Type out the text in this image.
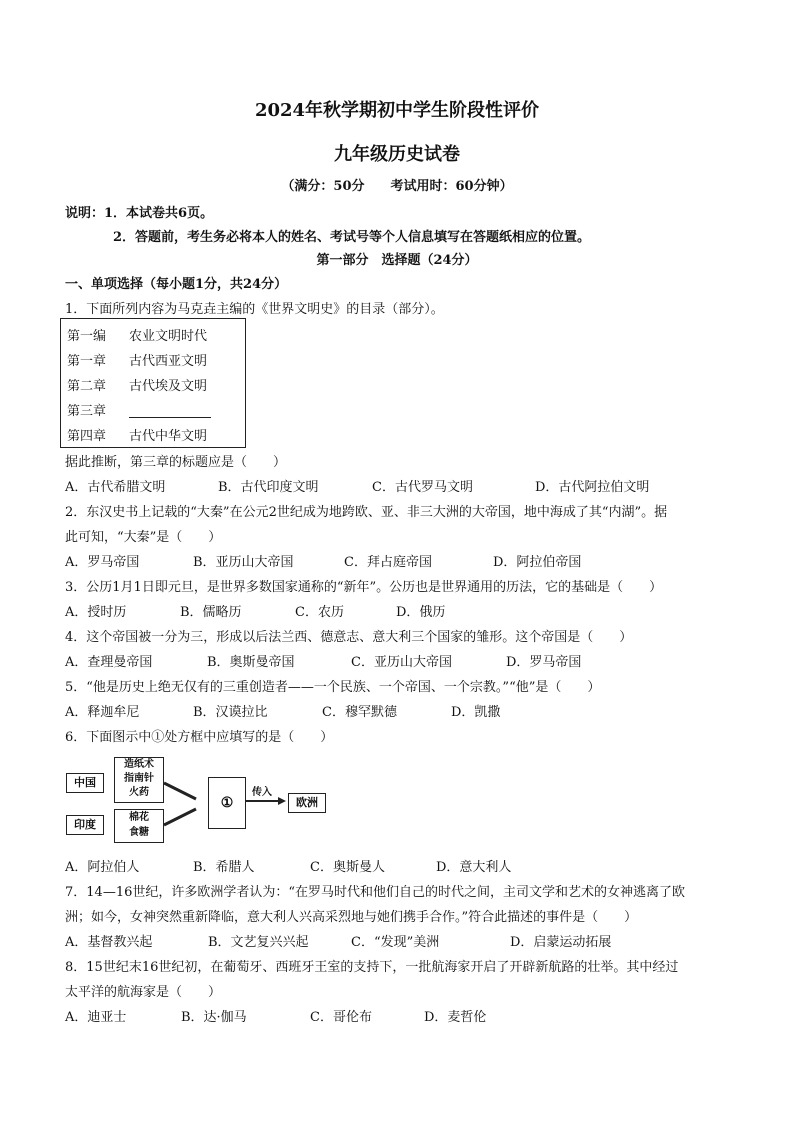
2024年秋学期初中学生阶段性评价
九年级历史试卷
（满分：50分　　考试用时：60分钟）
说明：1．本试卷共6页。
2．答题前，考生务必将本人的姓名、考试号等个人信息填写在答题纸相应的位置。
第一部分　选择题（24分）
一、单项选择（每小题1分，共24分）
1．下面所列内容为马克垚主编的《世界文明史》的目录（部分）。
第一编 农业文明时代
第一章 古代西亚文明
第二章 古代埃及文明
第三章
第四章 古代中华文明
据此推断，第三章的标题应是（　　）
A．古代希腊文明	B．古代印度文明	C．古代罗马文明	D．古代阿拉伯文明
2．东汉史书上记载的“大秦”在公元2世纪成为地跨欧、亚、非三大洲的大帝国，地中海成了其“内湖”。据
此可知，“大秦”是（　　）
A．罗马帝国	B．亚历山大帝国	C．拜占庭帝国	D．阿拉伯帝国
3．公历1月1日即元旦，是世界多数国家通称的“新年”。公历也是世界通用的历法，它的基础是（　　）
A．授时历	B．儒略历	C．农历	D．俄历
4．这个帝国被一分为三，形成以后法兰西、德意志、意大利三个国家的雏形。这个帝国是（　　）
A．查理曼帝国	B．奥斯曼帝国	C．亚历山大帝国	D．罗马帝国
5．“他是历史上绝无仅有的三重创造者——一个民族、一个帝国、一个宗教。”“他”是（　　）
A．释迦牟尼	B．汉谟拉比	C．穆罕默德	D．凯撒
6．下面图示中①处方框中应填写的是（　　）
中国
印度
造纸术
指南针
火药
棉花
食糖
①
传入
欧洲
A．阿拉伯人	B．希腊人	C．奥斯曼人	D．意大利人
7．14—16世纪，许多欧洲学者认为：“在罗马时代和他们自己的时代之间，主司文学和艺术的女神逃离了欧
洲；如今，女神突然重新降临，意大利人兴高采烈地与她们携手合作。”符合此描述的事件是（　　）
A．基督教兴起	B．文艺复兴兴起	C．“发现”美洲	D．启蒙运动拓展
8．15世纪末16世纪初，在葡萄牙、西班牙王室的支持下，一批航海家开启了开辟新航路的壮举。其中经过
太平洋的航海家是（　　）
A．迪亚士	B．达·伽马	C．哥伦布	D．麦哲伦
